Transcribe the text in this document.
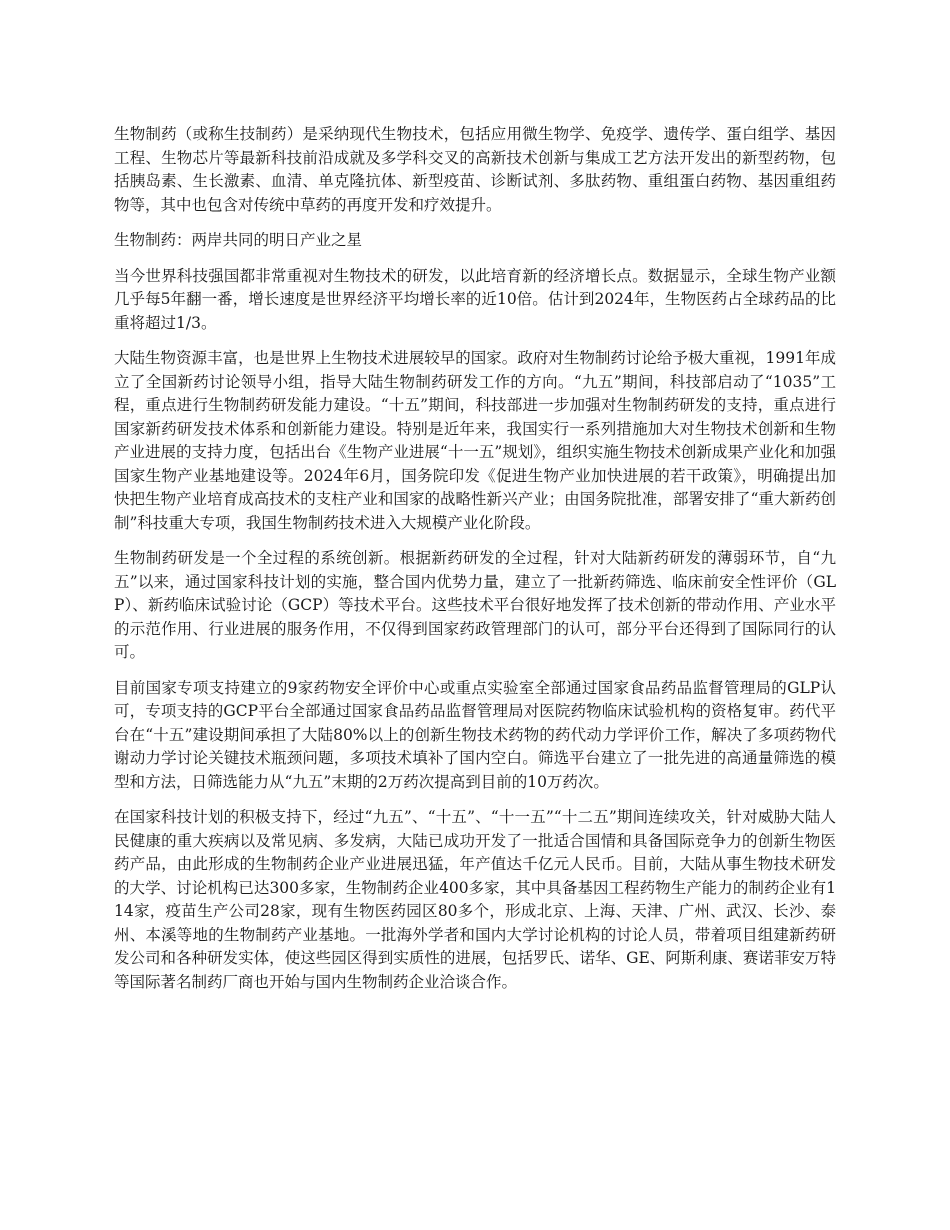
生物制药（或称生技制药）是采纳现代生物技术，包括应用微生物学、免疫学、遗传学、蛋白组学、基因工程、生物芯片等最新科技前沿成就及多学科交叉的高新技术创新与集成工艺方法开发出的新型药物，包括胰岛素、生长激素、血清、单克隆抗体、新型疫苗、诊断试剂、多肽药物、重组蛋白药物、基因重组药物等，其中也包含对传统中草药的再度开发和疗效提升。

生物制药：两岸共同的明日产业之星

当今世界科技强国都非常重视对生物技术的研发，以此培育新的经济增长点。数据显示，全球生物产业额几乎每5年翻一番，增长速度是世界经济平均增长率的近10倍。估计到2024年，生物医药占全球药品的比重将超过1/3。

大陆生物资源丰富，也是世界上生物技术进展较早的国家。政府对生物制药讨论给予极大重视，1991年成立了全国新药讨论领导小组，指导大陆生物制药研发工作的方向。“九五”期间，科技部启动了“1035”工程，重点进行生物制药研发能力建设。“十五”期间，科技部进一步加强对生物制药研发的支持，重点进行国家新药研发技术体系和创新能力建设。特别是近年来，我国实行一系列措施加大对生物技术创新和生物产业进展的支持力度，包括出台《生物产业进展“十一五”规划》，组织实施生物技术创新成果产业化和加强国家生物产业基地建设等。2024年6月，国务院印发《促进生物产业加快进展的若干政策》，明确提出加快把生物产业培育成高技术的支柱产业和国家的战略性新兴产业；由国务院批准，部署安排了“重大新药创制”科技重大专项，我国生物制药技术进入大规模产业化阶段。

生物制药研发是一个全过程的系统创新。根据新药研发的全过程，针对大陆新药研发的薄弱环节，自“九五”以来，通过国家科技计划的实施，整合国内优势力量，建立了一批新药筛选、临床前安全性评价（GLP）、新药临床试验讨论（GCP）等技术平台。这些技术平台很好地发挥了技术创新的带动作用、产业水平的示范作用、行业进展的服务作用，不仅得到国家药政管理部门的认可，部分平台还得到了国际同行的认可。

目前国家专项支持建立的9家药物安全评价中心或重点实验室全部通过国家食品药品监督管理局的GLP认可，专项支持的GCP平台全部通过国家食品药品监督管理局对医院药物临床试验机构的资格复审。药代平台在“十五”建设期间承担了大陆80%以上的创新生物技术药物的药代动力学评价工作，解决了多项药物代谢动力学讨论关键技术瓶颈问题，多项技术填补了国内空白。筛选平台建立了一批先进的高通量筛选的模型和方法，日筛选能力从“九五”末期的2万药次提高到目前的10万药次。

在国家科技计划的积极支持下，经过“九五”、“十五”、“十一五”“十二五”期间连续攻关，针对威胁大陆人民健康的重大疾病以及常见病、多发病，大陆已成功开发了一批适合国情和具备国际竞争力的创新生物医药产品，由此形成的生物制药企业产业进展迅猛，年产值达千亿元人民币。目前，大陆从事生物技术研发的大学、讨论机构已达300多家，生物制药企业400多家，其中具备基因工程药物生产能力的制药企业有114家，疫苗生产公司28家，现有生物医药园区80多个，形成北京、上海、天津、广州、武汉、长沙、泰州、本溪等地的生物制药产业基地。一批海外学者和国内大学讨论机构的讨论人员，带着项目组建新药研发公司和各种研发实体，使这些园区得到实质性的进展，包括罗氏、诺华、GE、阿斯利康、赛诺菲安万特等国际著名制药厂商也开始与国内生物制药企业洽谈合作。
